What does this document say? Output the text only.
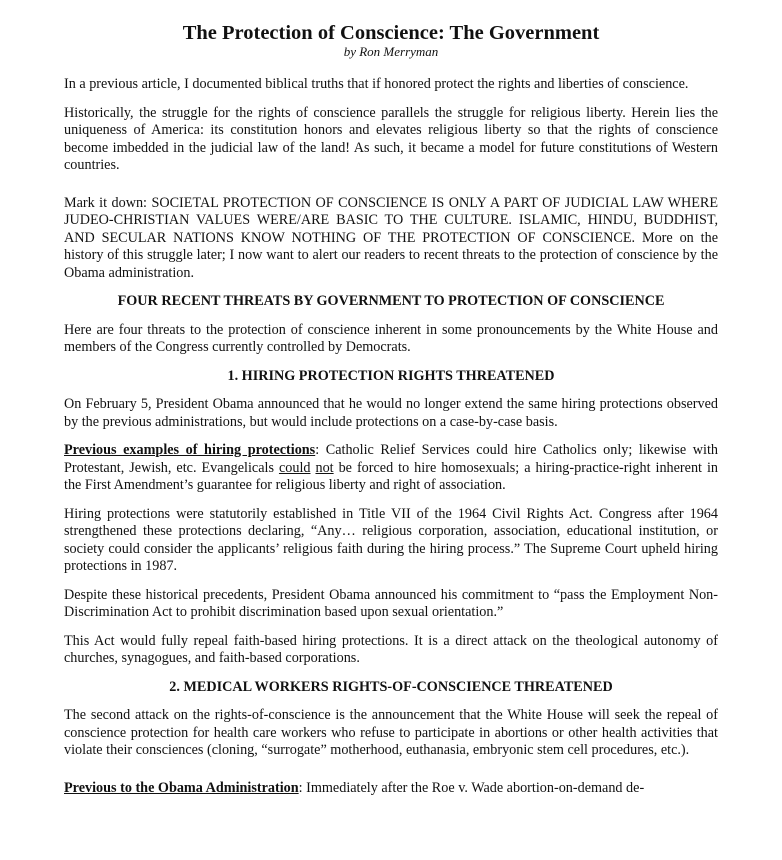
The Protection of Conscience: The Government
by Ron Merryman

In a previous article, I documented biblical truths that if honored protect the rights and liberties of conscience.

Historically, the struggle for the rights of conscience parallels the struggle for religious liberty. Herein lies the uniqueness of America: its constitution honors and elevates religious liberty so that the rights of conscience become imbedded in the judicial law of the land! As such, it became a model for future constitutions of Western countries.

Mark it down: SOCIETAL PROTECTION OF CONSCIENCE IS ONLY A PART OF JUDICIAL LAW WHERE JUDEO-CHRISTIAN VALUES WERE/ARE BASIC TO THE CULTURE. ISLAMIC, HINDU, BUDDHIST, AND SECULAR NATIONS KNOW NOTHING OF THE PROTECTION OF CONSCIENCE. More on the history of this struggle later; I now want to alert our readers to recent threats to the protection of conscience by the Obama administration.

FOUR RECENT THREATS BY GOVERNMENT TO PROTECTION OF CONSCIENCE

Here are four threats to the protection of conscience inherent in some pronouncements by the White House and members of the Congress currently controlled by Democrats.

1. HIRING PROTECTION RIGHTS THREATENED

On February 5, President Obama announced that he would no longer extend the same hiring protections observed by the previous administrations, but would include protections on a case-by-case basis.

Previous examples of hiring protections: Catholic Relief Services could hire Catholics only; likewise with Protestant, Jewish, etc. Evangelicals could not be forced to hire homosexuals; a hiring-practice-right inherent in the First Amendment’s guarantee for religious liberty and right of association.

Hiring protections were statutorily established in Title VII of the 1964 Civil Rights Act. Congress after 1964 strengthened these protections declaring, “Any… religious corporation, association, educational institution, or society could consider the applicants’ religious faith during the hiring process.” The Supreme Court upheld hiring protections in 1987.

Despite these historical precedents, President Obama announced his commitment to “pass the Employment Non-Discrimination Act to prohibit discrimination based upon sexual orientation.”

This Act would fully repeal faith-based hiring protections. It is a direct attack on the theological autonomy of churches, synagogues, and faith-based corporations.

2. MEDICAL WORKERS RIGHTS-OF-CONSCIENCE THREATENED

The second attack on the rights-of-conscience is the announcement that the White House will seek the repeal of conscience protection for health care workers who refuse to participate in abortions or other health activities that violate their consciences (cloning, “surrogate” motherhood, euthanasia, embryonic stem cell procedures, etc.).

Previous to the Obama Administration: Immediately after the Roe v. Wade abortion-on-demand de-
